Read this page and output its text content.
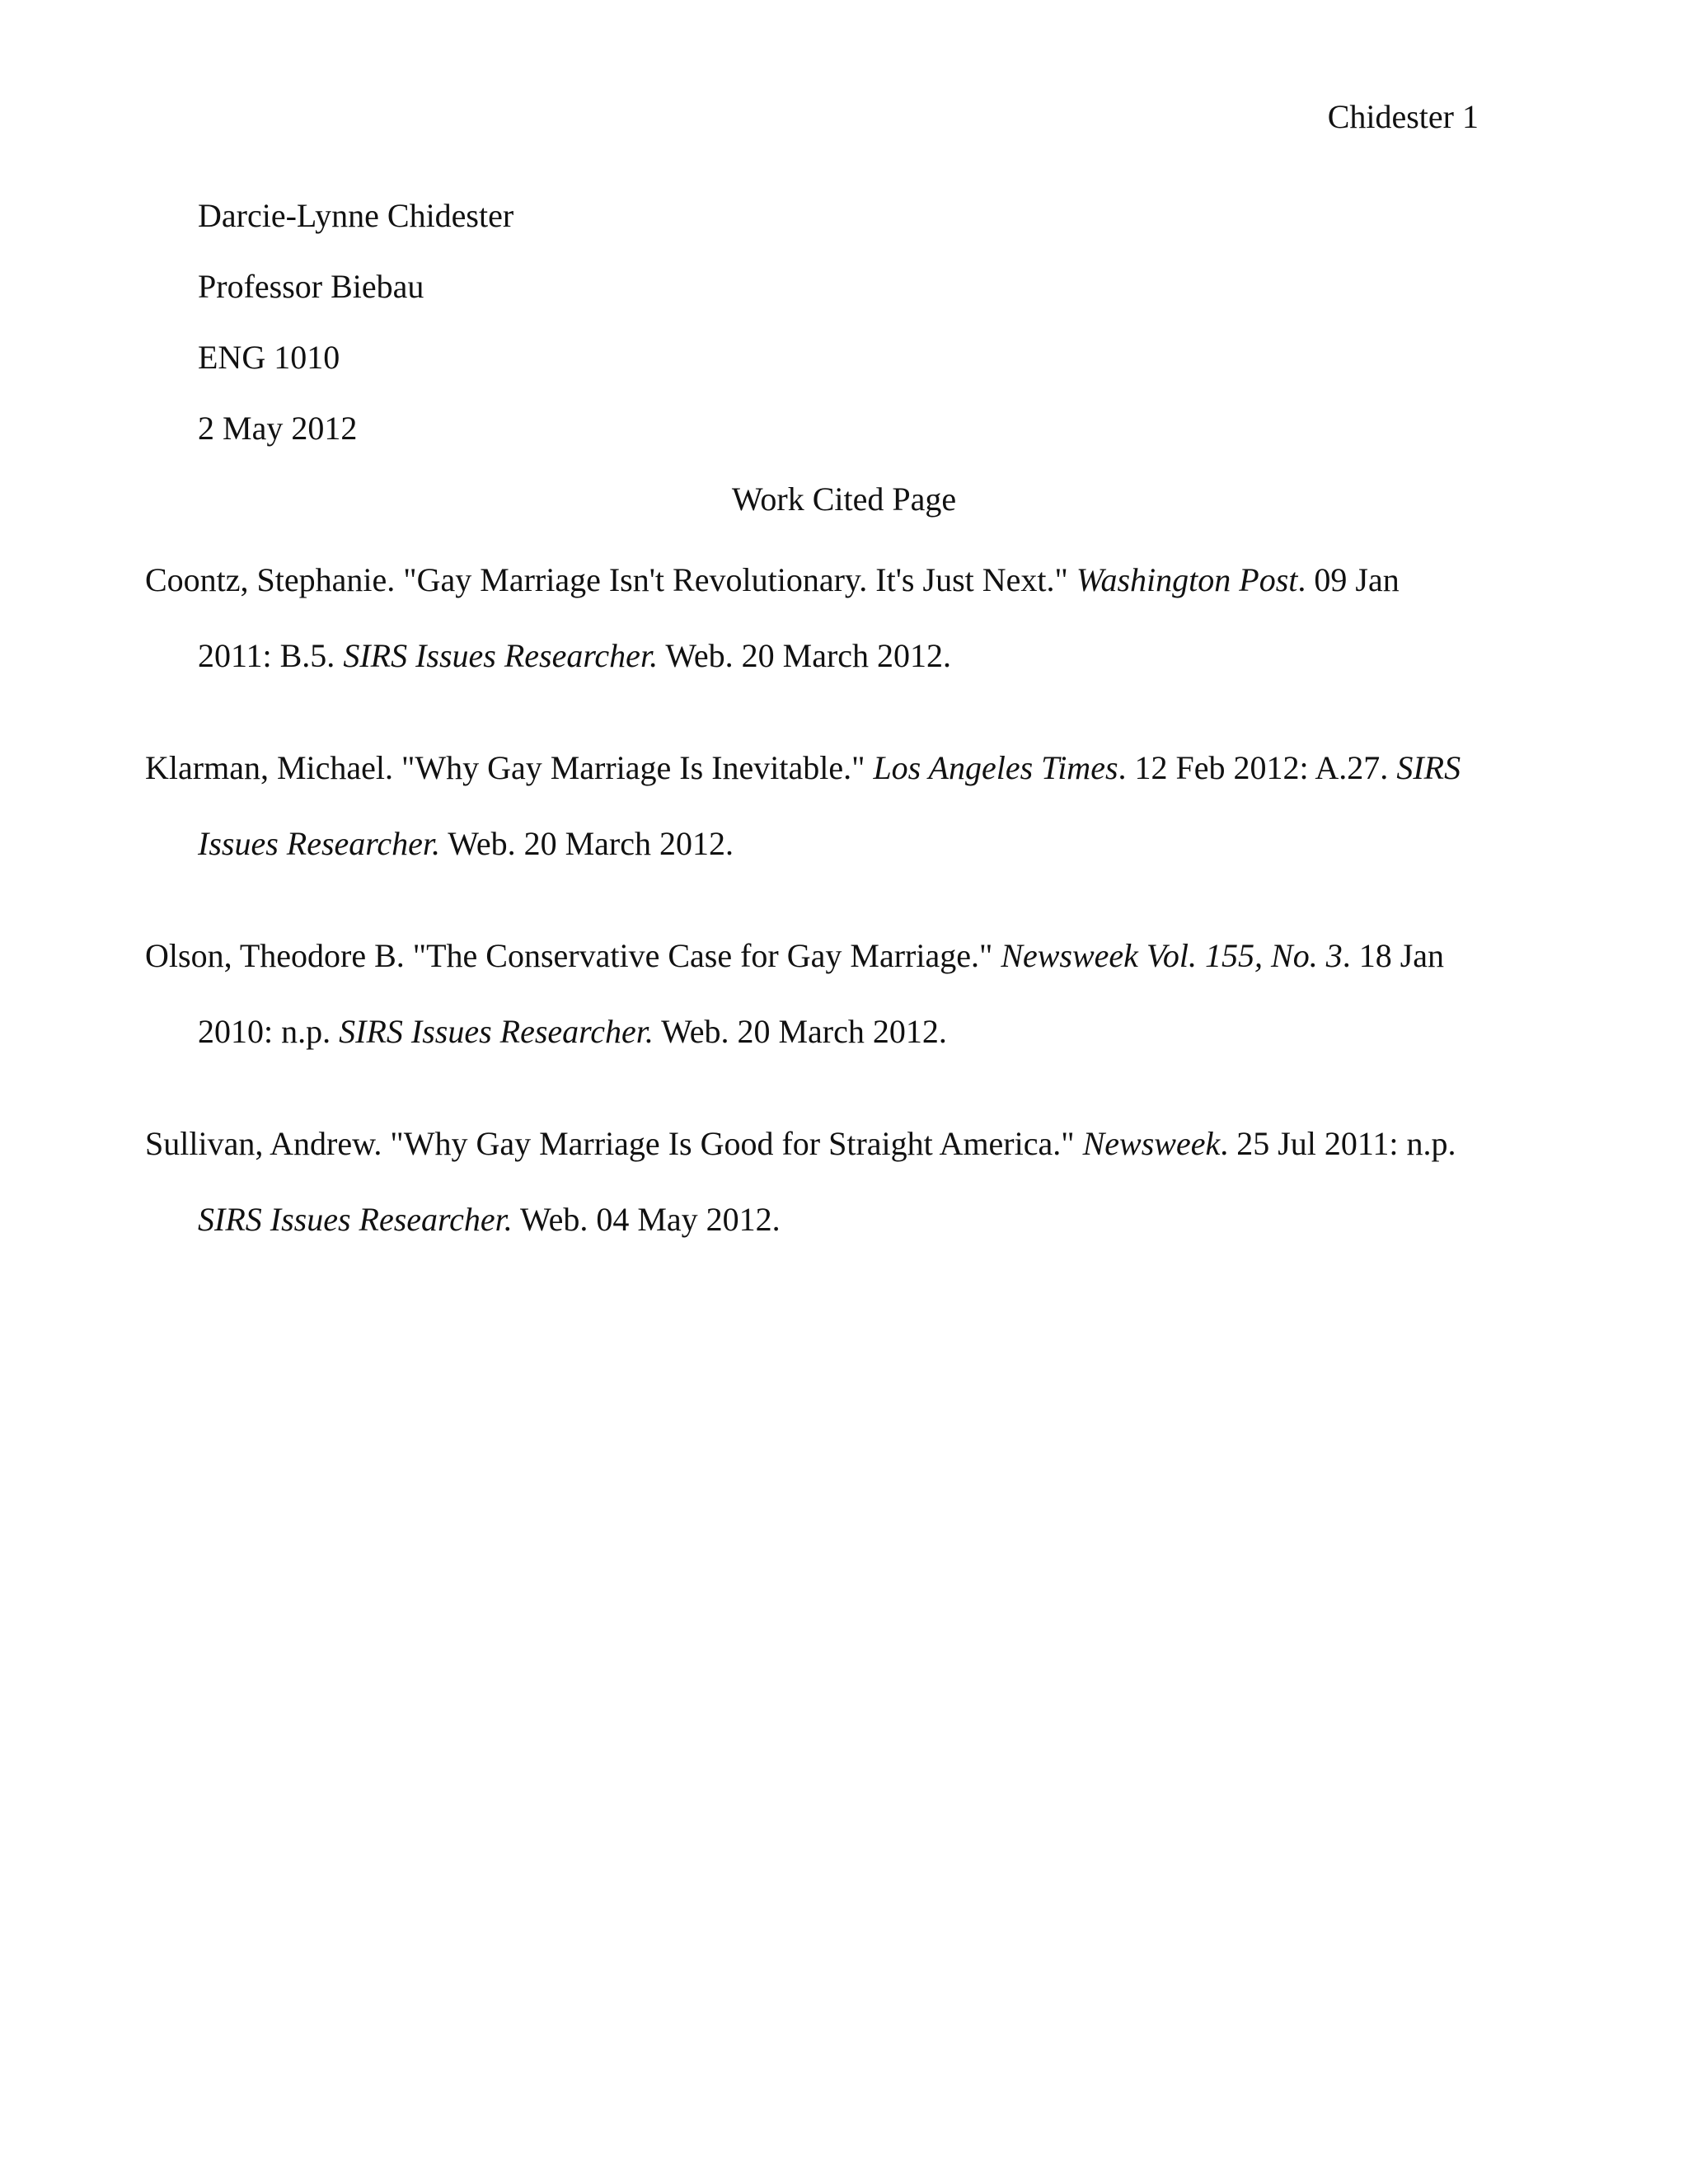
Chidester 1
Darcie-Lynne Chidester
Professor Biebau
ENG 1010
2 May 2012
Work Cited Page
Coontz, Stephanie. "Gay Marriage Isn't Revolutionary. It's Just Next." Washington Post. 09 Jan
2011: B.5. SIRS Issues Researcher. Web. 20 March 2012.
Klarman, Michael. "Why Gay Marriage Is Inevitable." Los Angeles Times. 12 Feb 2012: A.27. SIRS
Issues Researcher. Web. 20 March 2012.
Olson, Theodore B. "The Conservative Case for Gay Marriage." Newsweek Vol. 155, No. 3. 18 Jan
2010: n.p. SIRS Issues Researcher. Web. 20 March 2012.
Sullivan, Andrew. "Why Gay Marriage Is Good for Straight America." Newsweek. 25 Jul 2011: n.p.
SIRS Issues Researcher. Web. 04 May 2012.
